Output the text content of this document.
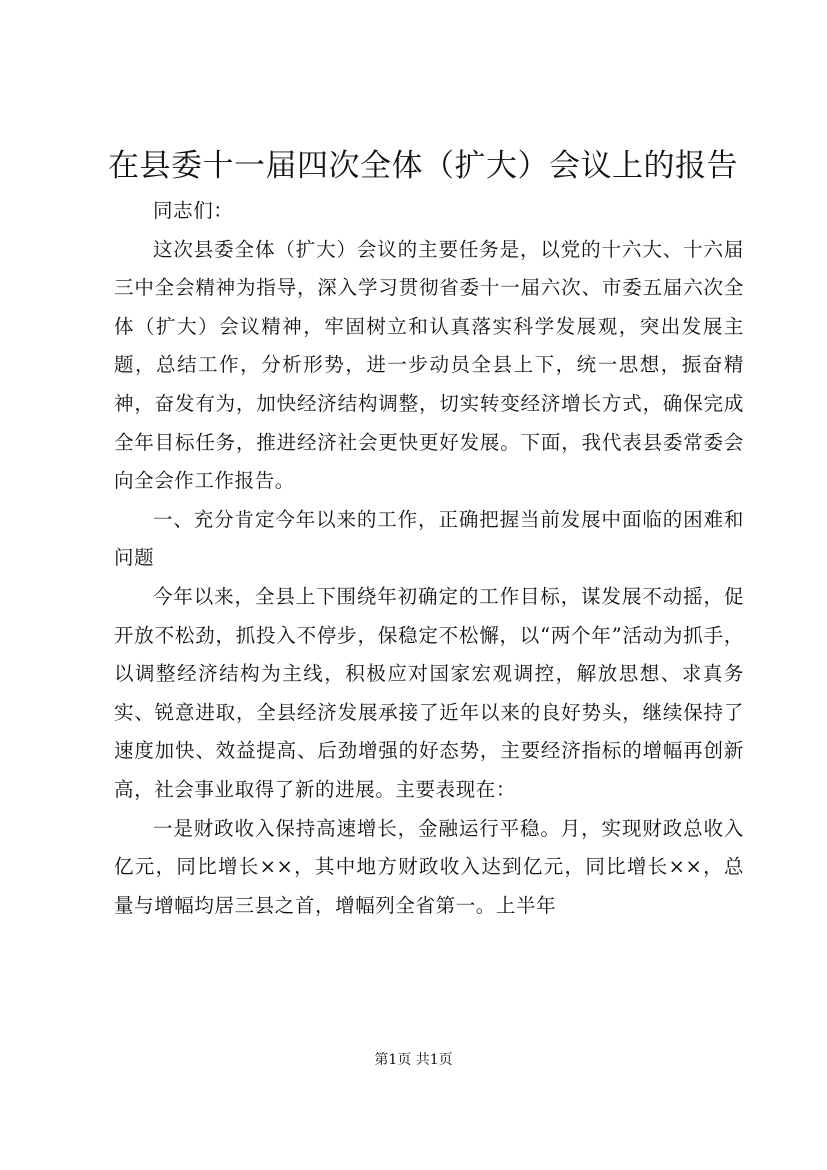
在县委十一届四次全体（扩大）会议上的报告

同志们：

这次县委全体（扩大）会议的主要任务是，以党的十六大、十六届三中全会精神为指导，深入学习贯彻省委十一届六次、市委五届六次全体（扩大）会议精神，牢固树立和认真落实科学发展观，突出发展主题，总结工作，分析形势，进一步动员全县上下，统一思想，振奋精神，奋发有为，加快经济结构调整，切实转变经济增长方式，确保完成全年目标任务，推进经济社会更快更好发展。下面，我代表县委常委会向全会作工作报告。

一、充分肯定今年以来的工作，正确把握当前发展中面临的困难和问题

今年以来，全县上下围绕年初确定的工作目标，谋发展不动摇，促开放不松劲，抓投入不停步，保稳定不松懈，以“两个年”活动为抓手，以调整经济结构为主线，积极应对国家宏观调控，解放思想、求真务实、锐意进取，全县经济发展承接了近年以来的良好势头，继续保持了速度加快、效益提高、后劲增强的好态势，主要经济指标的增幅再创新高，社会事业取得了新的进展。主要表现在：

一是财政收入保持高速增长，金融运行平稳。月，实现财政总收入亿元，同比增长××，其中地方财政收入达到亿元，同比增长××，总量与增幅均居三县之首，增幅列全省第一。上半年

第1页 共1页
